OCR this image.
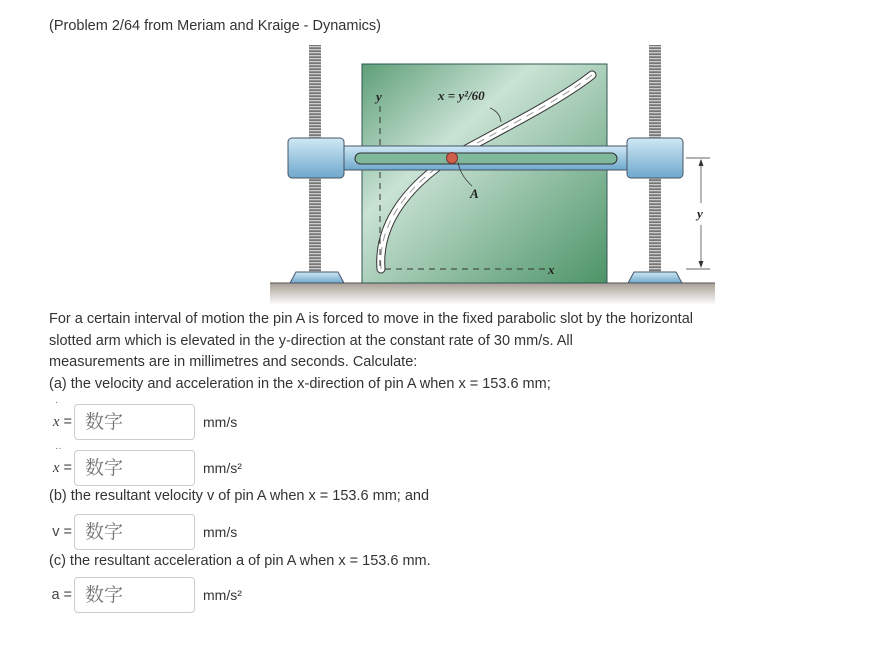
(Problem 2/64 from Meriam and Kraige - Dynamics)
y	x = y²/60
A
x
y
For a certain interval of motion the pin A is forced to move in the fixed parabolic slot by the horizontal
slotted arm which is elevated in the y-direction at the constant rate of 30 mm/s. All
measurements are in millimetres and seconds. Calculate:
(a) the velocity and acceleration in the x-direction of pin A when x = 153.6 mm;
·
x =
数字	mm/s
··
x =
数字	mm/s²
(b) the resultant velocity v of pin A when x = 153.6 mm; and
v =
数字	mm/s
(c) the resultant acceleration a of pin A when x = 153.6 mm.
a =
数字	mm/s²
